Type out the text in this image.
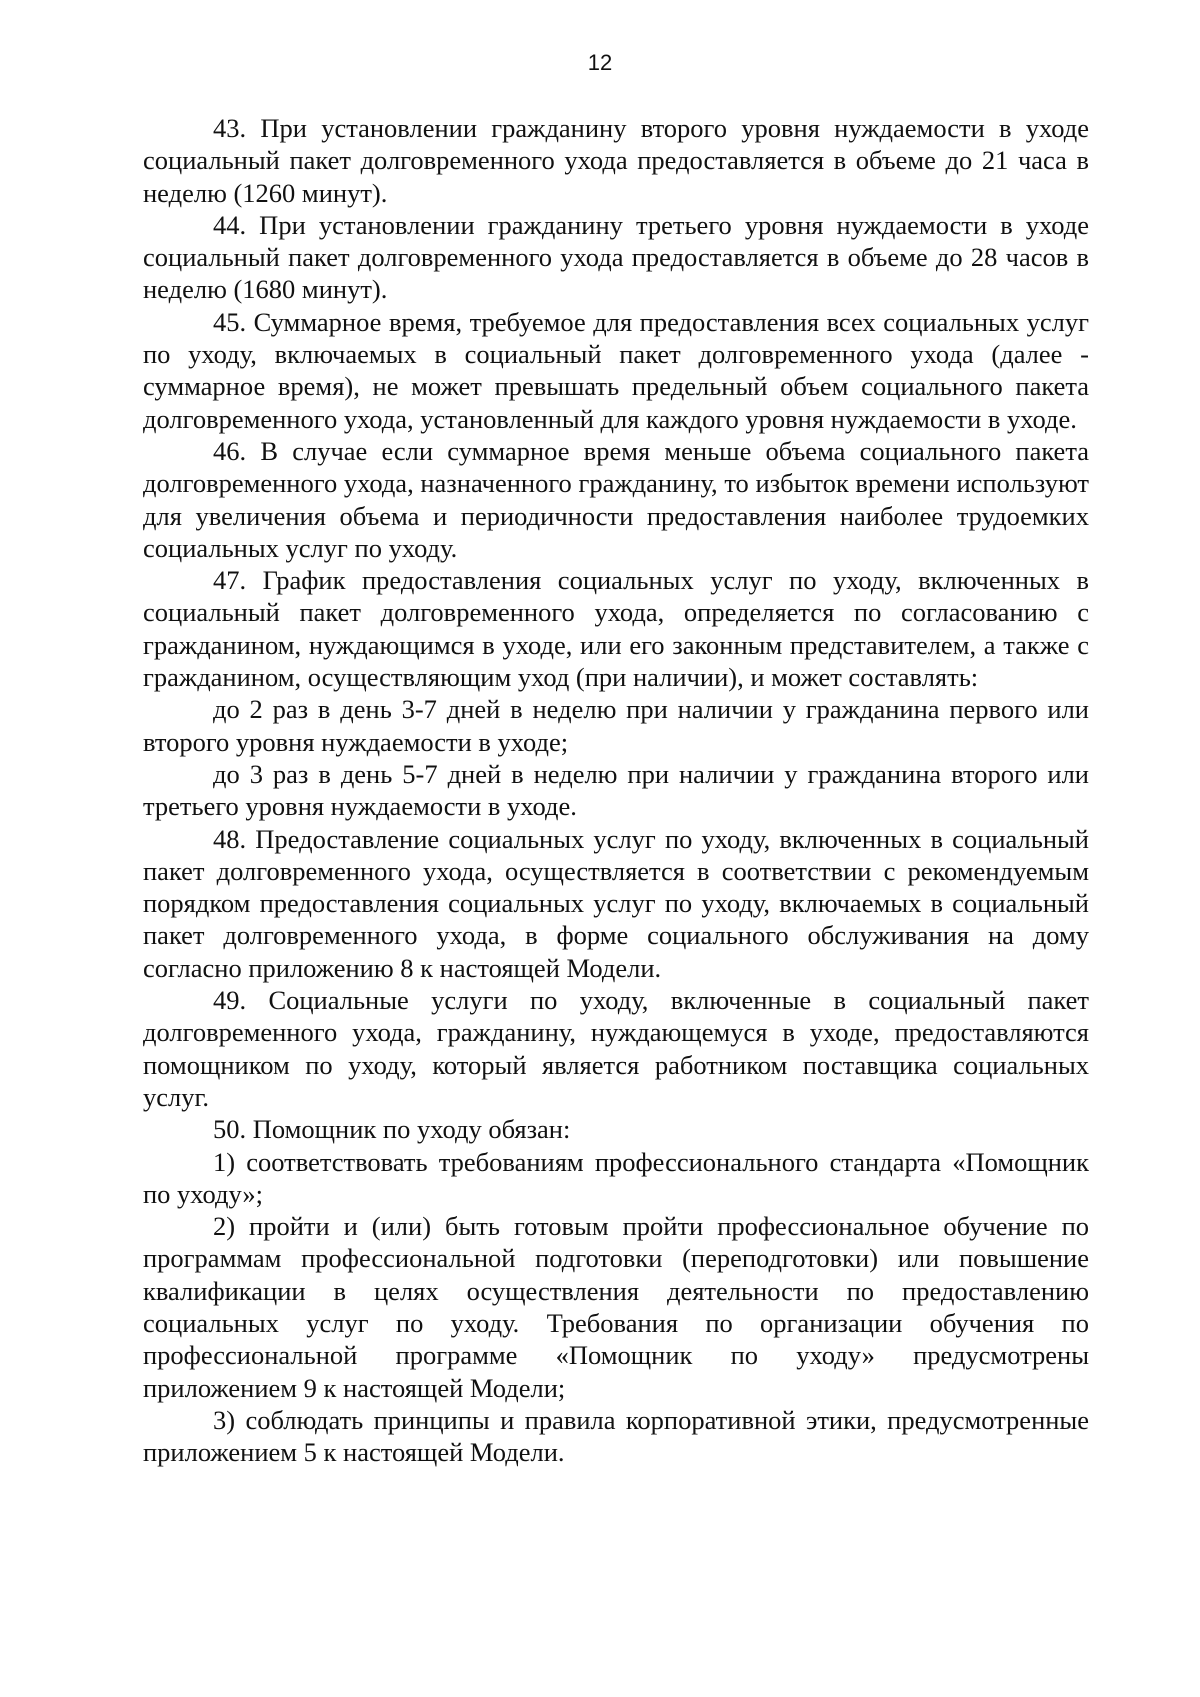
12

43. При установлении гражданину второго уровня нуждаемости в уходе социальный пакет долговременного ухода предоставляется в объеме до 21 часа в неделю (1260 минут).

44. При установлении гражданину третьего уровня нуждаемости в уходе социальный пакет долговременного ухода предоставляется в объеме до 28 часов в неделю (1680 минут).

45. Суммарное время, требуемое для предоставления всех социальных услуг по уходу, включаемых в социальный пакет долговременного ухода (далее - суммарное время), не может превышать предельный объем социального пакета долговременного ухода, установленный для каждого уровня нуждаемости в уходе.

46. В случае если суммарное время меньше объема социального пакета долговременного ухода, назначенного гражданину, то избыток времени используют для увеличения объема и периодичности предоставления наиболее трудоемких социальных услуг по уходу.

47. График предоставления социальных услуг по уходу, включенных в социальный пакет долговременного ухода, определяется по согласованию с гражданином, нуждающимся в уходе, или его законным представителем, а также с гражданином, осуществляющим уход (при наличии), и может составлять:

до 2 раз в день 3-7 дней в неделю при наличии у гражданина первого или второго уровня нуждаемости в уходе;

до 3 раз в день 5-7 дней в неделю при наличии у гражданина второго или третьего уровня нуждаемости в уходе.

48. Предоставление социальных услуг по уходу, включенных в социальный пакет долговременного ухода, осуществляется в соответствии с рекомендуемым порядком предоставления социальных услуг по уходу, включаемых в социальный пакет долговременного ухода, в форме социального обслуживания на дому согласно приложению 8 к настоящей Модели.

49. Социальные услуги по уходу, включенные в социальный пакет долговременного ухода, гражданину, нуждающемуся в уходе, предоставляются помощником по уходу, который является работником поставщика социальных услуг.

50. Помощник по уходу обязан:

1) соответствовать требованиям профессионального стандарта «Помощник по уходу»;

2) пройти и (или) быть готовым пройти профессиональное обучение по программам профессиональной подготовки (переподготовки) или повышение квалификации в целях осуществления деятельности по предоставлению социальных услуг по уходу. Требования по организации обучения по профессиональной программе «Помощник по уходу» предусмотрены приложением 9 к настоящей Модели;

3) соблюдать принципы и правила корпоративной этики, предусмотренные приложением 5 к настоящей Модели.
